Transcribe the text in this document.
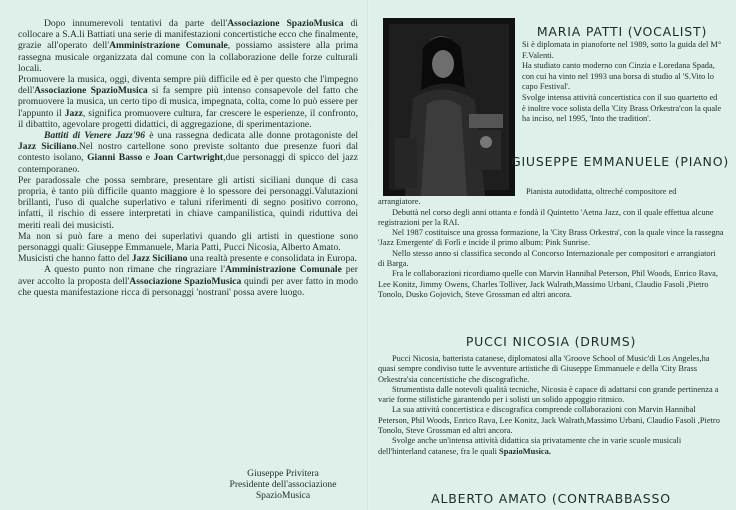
Dopo innumerevoli tentativi da parte dell'Associazione SpazioMusica di collocare a S.A.li Battiati una serie di manifestazioni concertistiche ecco che finalmente, grazie all'operato dell'Amministrazione Comunale, possiamo assistere alla prima rassegna musicale organizzata dal comune con la collaborazione delle forze culturali locali.

Promuovere la musica, oggi, diventa sempre più difficile ed è per questo che l'impegno dell'Associazione SpazioMusica si fa sempre più intenso consapevole del fatto che promuovere la musica, un certo tipo di musica, impegnata, colta, come lo può essere per l'appunto il Jazz, significa promuovere cultura, far crescere le esperienze, il confronto, il dibattito, agevolare progetti didattici, di aggregazione, di sperimentazione.

Battiti di Venere Jazz'96 è una rassegna dedicata alle donne protagoniste del Jazz Siciliano.Nel nostro cartellone sono previste soltanto due presenze fuori dal contesto isolano, Gianni Basso e Joan Cartwright,due personaggi di spicco del jazz contemporaneo.

Per paradossale che possa sembrare, presentare gli artisti siciliani dunque di casa propria, è tanto più difficile quanto maggiore è lo spessore dei personaggi.Valutazioni brillanti, l'uso di qualche superlativo e taluni riferimenti di segno positivo corrono, infatti, il rischio di essere interpretati in chiave campanilistica, quindi riduttiva dei meriti reali dei musicisti.

Ma non si può fare a meno dei superlativi quando gli artisti in questione sono personaggi quali: Giuseppe Emmanuele, Maria Patti, Pucci Nicosia, Alberto Amato.

Musicisti che hanno fatto del Jazz Siciliano una realtà presente e consolidata in Europa.

A questo punto non rimane che ringraziare l'Amministrazione Comunale per aver accolto la proposta dell'Associazione SpazioMusica quindi per aver fatto in modo che questa manifestazione ricca di personaggi 'nostrani' possa avere luogo.

Giuseppe Privitera
Presidente dell'associazione
SpazioMusica
MARIA PATTI (VOCALIST)

Si è diplomata in pianoforte nel 1989, sotto la guida del M° F.Valenti.

Ha studiato canto moderno con Cinzia e Loredana Spada, con cui ha vinto nel 1993 una borsa di studio al 'S.Vito lo capo Festival'.

Svolge intensa attività concertistica con il suo quartetto ed è inoltre voce solista della 'City Brass Orkestra'con la quale ha inciso, nel 1995, 'Into the tradition'.

GIUSEPPE EMMANUELE (PIANO)

Pianista autodidatta, oltreché compositore ed

arrangiatore.

Debuttà nel corso degli anni ottanta e fondà il Quintetto 'Aetna Jazz, con il quale effettua alcune registrazioni per la RAI.

Nel 1987 costituisce una grossa formazione, la 'City Brass Orkestra', con la quale vince la rassegna 'Jazz Emergente' di Forlì e incide il primo album: Pink Sunrise.

Nello stesso anno si classifica secondo al Concorso Internazionale per compositori e arrangiatori di Barga.

Fra le collaborazioni ricordiamo quelle con Marvin Hannibal Peterson, Phil Woods, Enrico Rava, Lee Konitz, Jimmy Owens, Charles Tolliver, Jack Walrath,Massimo Urbani, Claudio Fasoli ,Pietro Tonolo, Dusko Gojovich, Steve Grossman ed altri ancora.

PUCCI NICOSIA (DRUMS)

Pucci Nicosia, batterista catanese, diplomatosi alla 'Groove School of Music'di Los Angeles,ha quasi sempre condiviso tutte le avventure artistiche di Giuseppe Emmanuele e della 'City Brass Orkestra'sia concertistiche che discografiche.

Strumentista dalle notevoli qualità tecniche, Nicosia è capace di adattarsi con grande pertinenza a varie forme stilistiche garantendo per i solisti un solido appoggio ritmico.

La sua attività concertistica e discografica comprende collaborazioni con Marvin Hannibal Peterson, Phil Woods, Enrico Rava, Lee Konitz, Jack Walrath,Massimo Urbani, Claudio Fasoli ,Pietro Tonolo, Steve Grossman ed altri ancora.

Svolge anche un'intensa attività didattica sia privatamente che in varie scuole musicali dell'hinterland catanese, fra le quali SpazioMusica.

ALBERTO AMATO (CONTRABBASSO
